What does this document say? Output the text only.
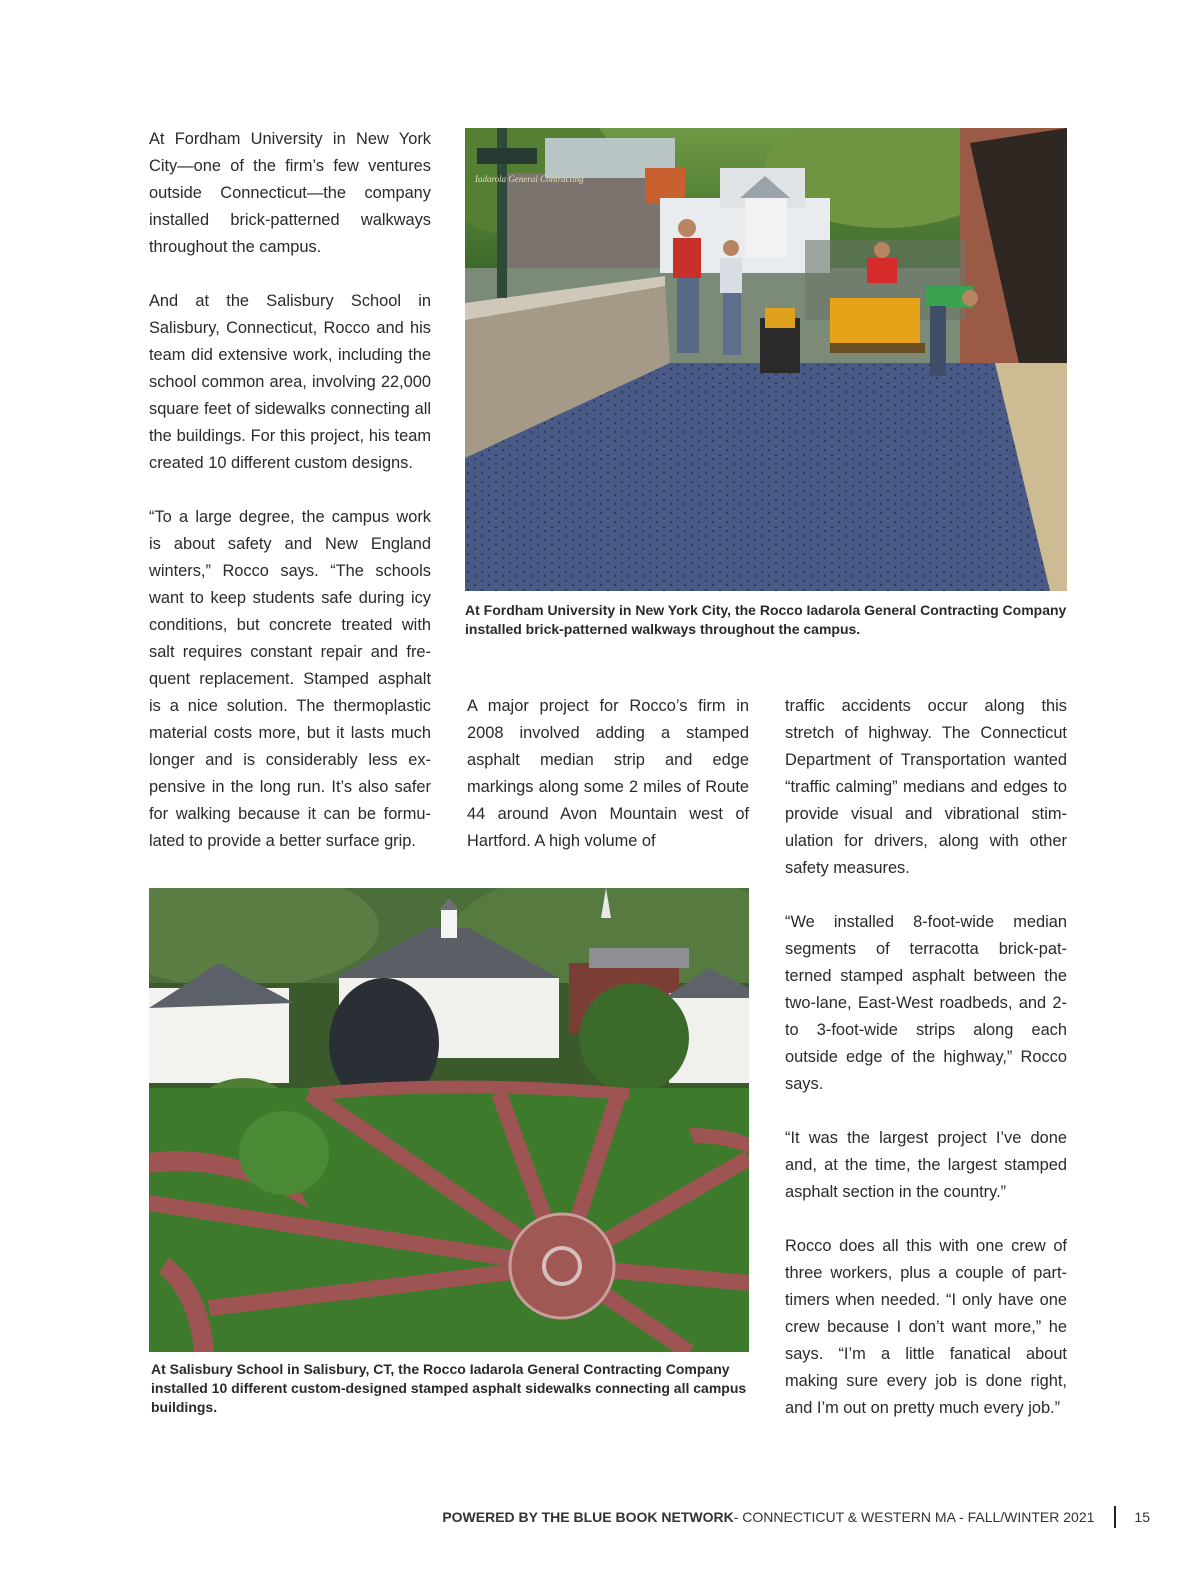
At Fordham University in New York City—one of the firm’s few ventures outside Connecticut—the company installed brick-patterned walkways throughout the campus.

And at the Salisbury School in Salisbury, Connecticut, Rocco and his team did extensive work, including the school common area, involving 22,000 square feet of sidewalks connecting all the buildings. For this project, his team created 10 different custom designs.

“To a large degree, the campus work is about safety and New England winters,” Rocco says. “The schools want to keep students safe during icy conditions, but concrete treated with salt requires constant repair and fre-quent replacement. Stamped asphalt is a nice solution. The thermoplastic material costs more, but it lasts much longer and is considerably less ex-pensive in the long run. It’s also safer for walking because it can be formu-lated to provide a better surface grip.

Iadarola General Contracting
At Fordham University in New York City, the Rocco Iadarola General Contracting Company installed brick-patterned walkways throughout the campus.

A major project for Rocco’s firm in 2008 involved adding a stamped asphalt median strip and edge markings along some 2 miles of Route 44 around Avon Mountain west of Hartford. A high volume of

traffic accidents occur along this stretch of highway. The Connecticut Department of Transportation wanted “traffic calming” medians and edges to provide visual and vibrational stim-ulation for drivers, along with other safety measures.

“We installed 8-foot-wide median segments of terracotta brick-pat-terned stamped asphalt between the two-lane, East-West roadbeds, and 2- to 3-foot-wide strips along each outside edge of the highway,” Rocco says.

“It was the largest project I’ve done and, at the time, the largest stamped asphalt section in the country.”

Rocco does all this with one crew of three workers, plus a couple of part-timers when needed. “I only have one crew because I don’t want more,” he says. “I’m a little fanatical about making sure every job is done right, and I’m out on pretty much every job.”

At Salisbury School in Salisbury, CT, the Rocco Iadarola General Contracting Company installed 10 different custom-designed stamped asphalt sidewalks connecting all campus buildings.
POWERED BY THE BLUE BOOK NETWORK - CONNECTICUT & WESTERN MA - FALL/WINTER 2021	15
